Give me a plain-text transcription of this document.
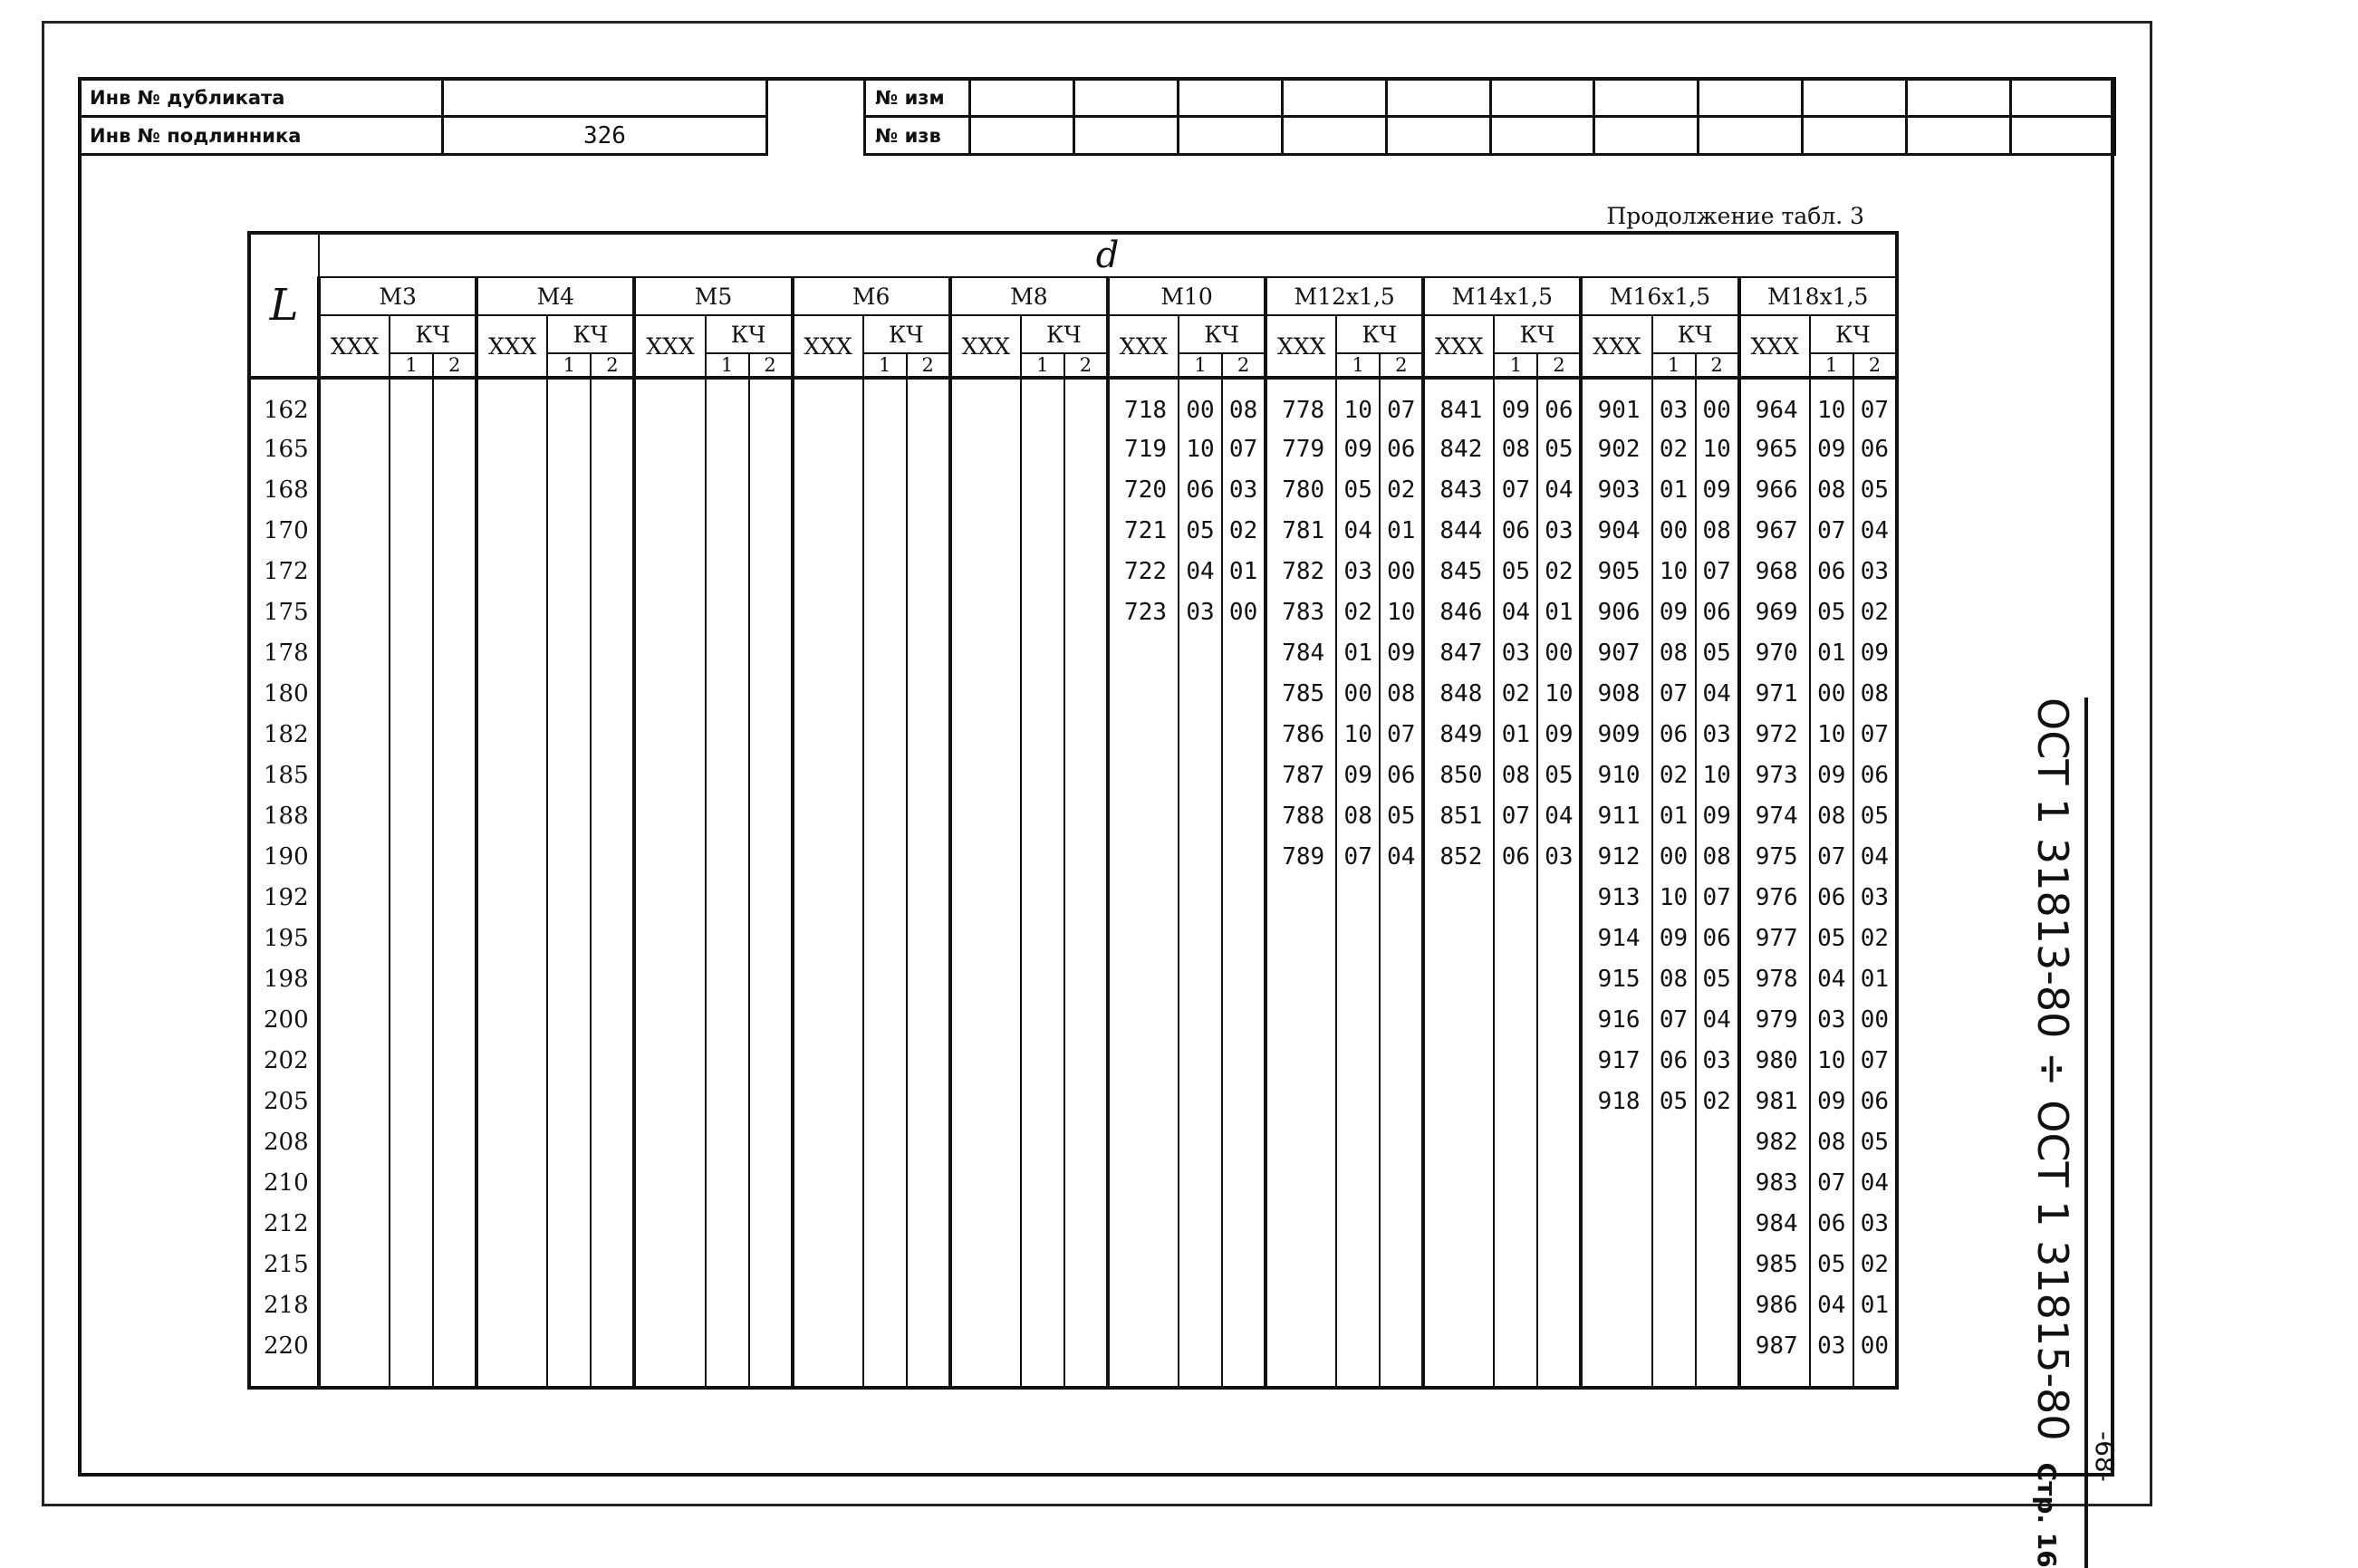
Инв № дубликата	
Инв № подлинника	326
№ изм											
№ изв											
Продолжение табл. 3
L	d																													
	М3			М4			М5			М6			М8			М10			М12х1,5			М14х1,5			М16х1,5			М18х1,5		
	ХХХ	КЧ		ХХХ	КЧ		ХХХ	КЧ		ХХХ	КЧ		ХХХ	КЧ		ХХХ	КЧ		ХХХ	КЧ		ХХХ	КЧ		ХХХ	КЧ		ХХХ	КЧ	
		1	2		1	2		1	2		1	2		1	2		1	2		1	2		1	2		1	2		1	2
162																718	00	08	778	10	07	841	09	06	901	03	00	964	10	07
165																719	10	07	779	09	06	842	08	05	902	02	10	965	09	06
168																720	06	03	780	05	02	843	07	04	903	01	09	966	08	05
170																721	05	02	781	04	01	844	06	03	904	00	08	967	07	04
172																722	04	01	782	03	00	845	05	02	905	10	07	968	06	03
175																723	03	00	783	02	10	846	04	01	906	09	06	969	05	02
178																			784	01	09	847	03	00	907	08	05	970	01	09
180																			785	00	08	848	02	10	908	07	04	971	00	08
182																			786	10	07	849	01	09	909	06	03	972	10	07
185																			787	09	06	850	08	05	910	02	10	973	09	06
188																			788	08	05	851	07	04	911	01	09	974	08	05
190																			789	07	04	852	06	03	912	00	08	975	07	04
192																									913	10	07	976	06	03
195																									914	09	06	977	05	02
198																									915	08	05	978	04	01
200																									916	07	04	979	03	00
202																									917	06	03	980	10	07
205																									918	05	02	981	09	06
208																												982	08	05
210																												983	07	04
212																												984	06	03
215																												985	05	02
218																												986	04	01
220																												987	03	00
																															ОСТ 1 31813-80 ÷ ОСТ 1 31815-80Стр. 16
-68-
